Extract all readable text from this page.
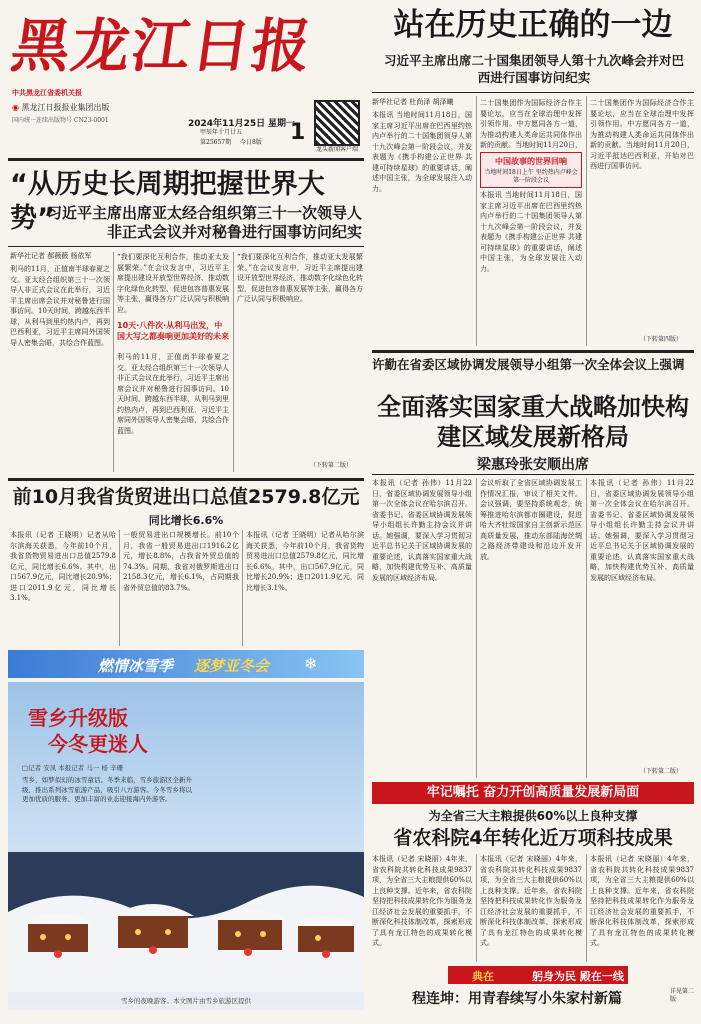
黑龙江日报
中共黑龙江省委机关报
◉ 黑龙江日报报业集团出版
国内统一连续出版物号 CN23-0001	2024年11月25日 星期一
甲辰年十月廿五
第25657期 今日8版 1
龙头新闻客户端
站在历史正确的一边
习近平主席出席二十国集团领导人第十九次峰会并对巴西进行国事访问纪实
新华社记者 杜尚泽 胡泽曦
本报讯 当地时间11月18日，国家主席习近平出席在巴西里约热内卢举行的二十国集团领导人第十九次峰会第一阶段会议，并发表题为《携手构建公正世界 共建可持续星球》的重要讲话，阐述中国主张，为全球发展注入动力。
二十国集团作为国际经济合作主要论坛，应当在全球治理中发挥引领作用。中方愿同各方一道，为推动构建人类命运共同体作出新的贡献。当地时间11月20日，
中国故事的世界回响
当地时间18日上午 里约热内卢峰会第一阶段会议
本报讯 当地时间11月18日，国家主席习近平出席在巴西里约热内卢举行的二十国集团领导人第十九次峰会第一阶段会议，并发表题为《携手构建公正世界 共建可持续星球》的重要讲话，阐述中国主张，为全球发展注入动力。
二十国集团作为国际经济合作主要论坛，应当在全球治理中发挥引领作用。中方愿同各方一道，为推动构建人类命运共同体作出新的贡献。当地时间11月20日，习近平抵达巴西利亚，开始对巴西进行国事访问。
（下转第四版）
“从历史长周期把握世界大势”
习近平主席出席亚太经合组织第三十一次领导人非正式会议并对秘鲁进行国事访问纪实
新华社记者 郝薇薇 杨依军
利马的11月，正值南半球春夏之交。亚太经合组织第三十一次领导人非正式会议在此举行，习近平主席出席会议并对秘鲁进行国事访问。10天时间，跨越东西半球，从利马到里约热内卢，再到巴西利亚，习近平主席同外国领导人密集会晤，共绘合作蓝图。
“我们要深化互利合作，推动亚太发展繁荣。”在会议发言中，习近平主席提出建设开放型世界经济、推动数字化绿色化转型、促进包容普惠发展等主张，赢得各方广泛认同与积极响应。
10天·八件次·从利马出发，中国大写之都奏响更加美好的未来
利马的11月，正值南半球春夏之交。亚太经合组织第三十一次领导人非正式会议在此举行，习近平主席出席会议并对秘鲁进行国事访问。10天时间，跨越东西半球，从利马到里约热内卢，再到巴西利亚，习近平主席同外国领导人密集会晤，共绘合作蓝图。
“我们要深化互利合作，推动亚太发展繁荣。”在会议发言中，习近平主席提出建设开放型世界经济、推动数字化绿色化转型、促进包容普惠发展等主张，赢得各方广泛认同与积极响应。
（下转第二版）
许勤在省委区域协调发展领导小组第一次全体会议上强调
全面落实国家重大战略加快构建区域发展新格局
梁惠玲张安顺出席
本报讯（记者 孙伟）11月22日，省委区域协调发展领导小组第一次全体会议在哈尔滨召开。省委书记、省委区域协调发展领导小组组长许勤主持会议并讲话。她强调，要深入学习贯彻习近平总书记关于区域协调发展的重要论述，认真落实国家重大战略，加快构建优势互补、高质量发展的区域经济布局。
会议听取了全省区域协调发展工作情况汇报，审议了相关文件。会议强调，要坚持系统观念，统筹推进哈尔滨都市圈建设，促进哈大齐牡绥国家自主创新示范区高质量发展，推动东部陆海丝绸之路经济带建设和沿边开发开放。
本报讯（记者 孙伟）11月22日，省委区域协调发展领导小组第一次全体会议在哈尔滨召开。省委书记、省委区域协调发展领导小组组长许勤主持会议并讲话。她强调，要深入学习贯彻习近平总书记关于区域协调发展的重要论述，认真落实国家重大战略，加快构建优势互补、高质量发展的区域经济布局。
（下转第二版）
前10月我省货贸进出口总值2579.8亿元
同比增长6.6%
本报讯（记者 王晓明）记者从哈尔滨海关获悉，今年前10个月，我省货物贸易进出口总值2579.8亿元，同比增长6.6%。其中，出口567.9亿元，同比增长20.9%；进口2011.9亿元，同比增长3.1%。
一般贸易进出口规模增长。前10个月，我省一般贸易进出口1916.2亿元，增长8.8%，占我省外贸总值的74.3%。同期，我省对俄罗斯进出口2158.3亿元，增长6.1%，占同期我省外贸总值的83.7%。
本报讯（记者 王晓明）记者从哈尔滨海关获悉，今年前10个月，我省货物贸易进出口总值2579.8亿元，同比增长6.6%。其中，出口567.9亿元，同比增长20.9%；进口2011.9亿元，同比增长3.1%。
燃情冰雪季 逐梦亚冬会 ❄
雪乡升级版
今冬更迷人
□记者 安凤 本报记者 马一 杨 辛珊
雪乡，如梦似幻的冰雪童话。冬季来临，雪乡旅游区全新升级，推出系列冰雪旅游产品，吸引八方游客。今冬雪乡将以更加优质的服务、更加丰富的业态迎接海内外游客。
雪乡的夜晚游客。本文图片由雪乡旅游区提供
牢记嘱托 奋力开创高质量发展新局面
为全省三大主粮提供60%以上良种支撑
省农科院4年转化近万项科技成果
本报讯（记者 宋晓丽）4年来，省农科院共转化科技成果9837项，为全省三大主粮提供60%以上良种支撑。近年来，省农科院坚持把科技成果转化作为服务龙江经济社会发展的重要抓手，不断深化科技体制改革，探索形成了具有龙江特色的成果转化模式。
本报讯（记者 宋晓丽）4年来，省农科院共转化科技成果9837项，为全省三大主粮提供60%以上良种支撑。近年来，省农科院坚持把科技成果转化作为服务龙江经济社会发展的重要抓手，不断深化科技体制改革，探索形成了具有龙江特色的成果转化模式。
本报讯（记者 宋晓丽）4年来，省农科院共转化科技成果9837项，为全省三大主粮提供60%以上良种支撑。近年来，省农科院坚持把科技成果转化作为服务龙江经济社会发展的重要抓手，不断深化科技体制改革，探索形成了具有龙江特色的成果转化模式。
典在	躬身为民 殿在一线
程连坤：用青春续写小朱家村新篇	详见第二版
